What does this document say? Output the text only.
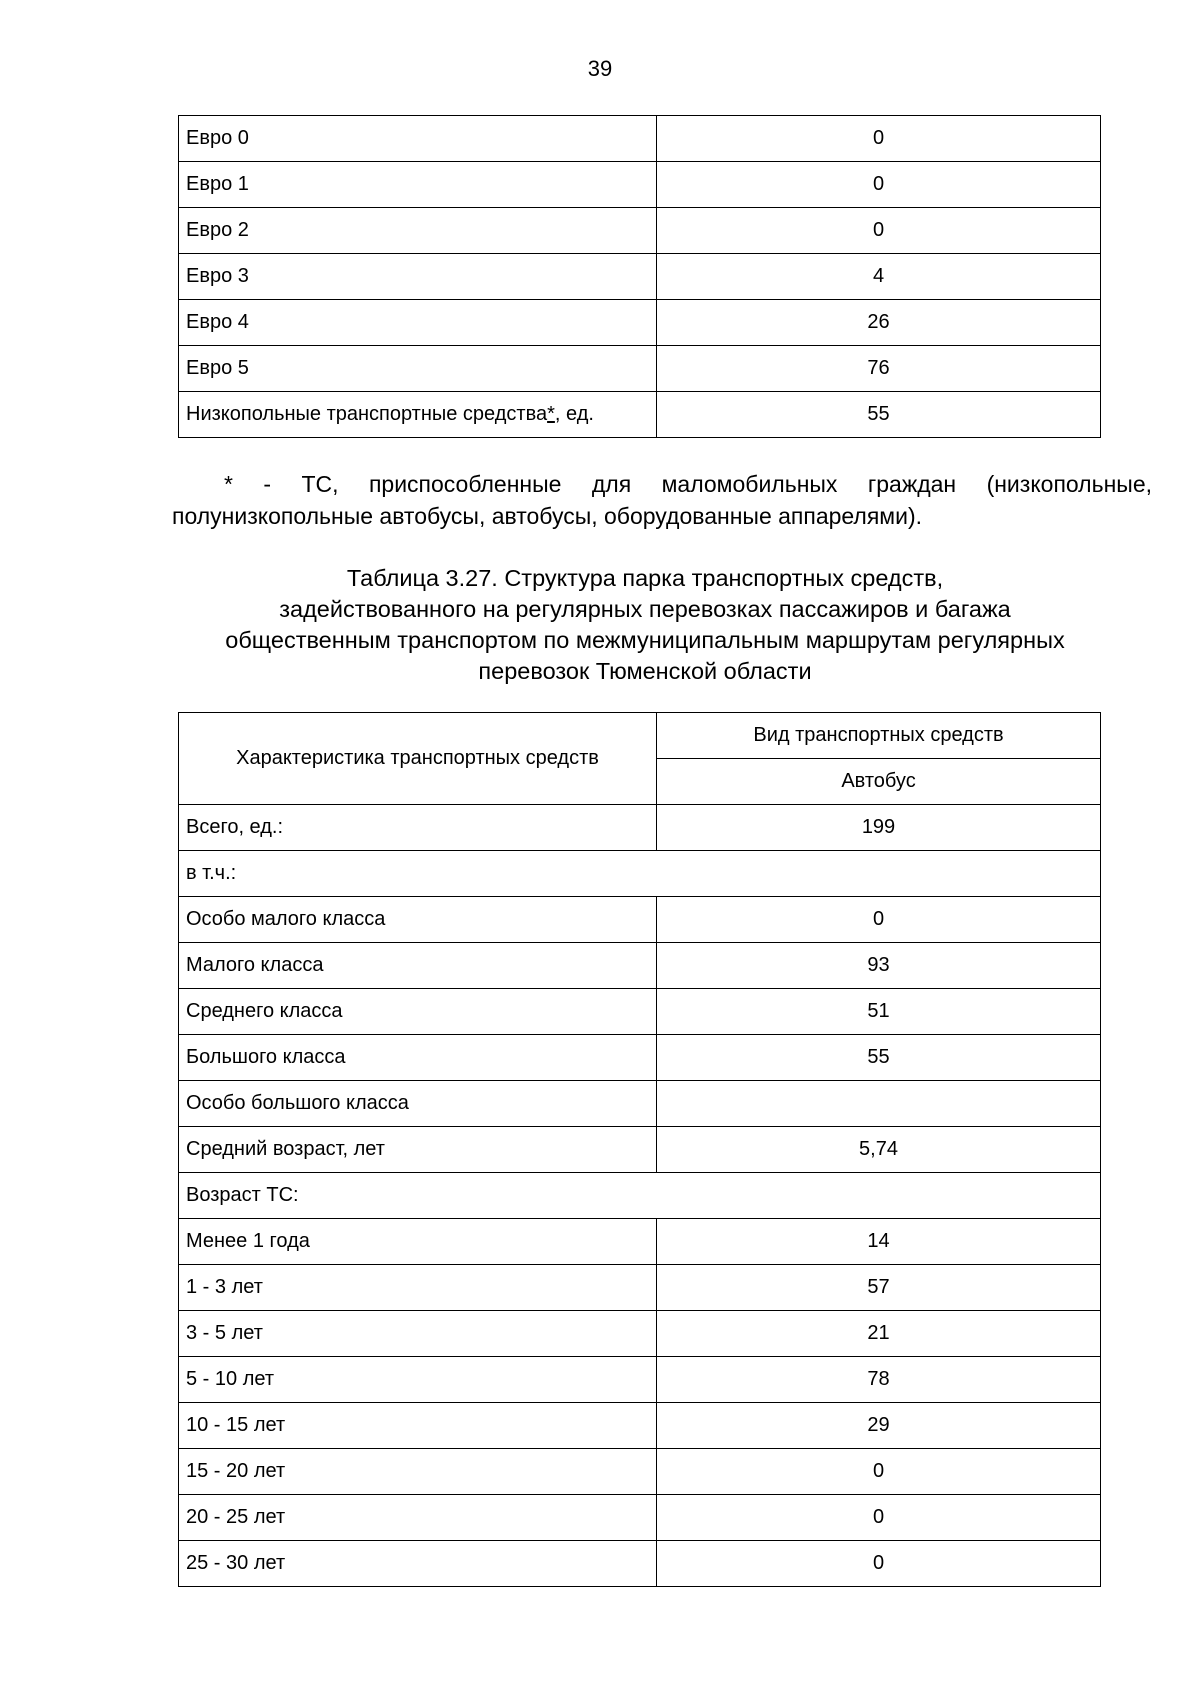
39
Евро 0	0
Евро 1	0
Евро 2	0
Евро 3	4
Евро 4	26
Евро 5	76
Низкопольные транспортные средства*, ед.	55
* - ТС, приспособленные для маломобильных граждан (низкопольные, полунизкопольные автобусы, автобусы, оборудованные аппарелями).
Таблица 3.27. Структура парка транспортных средств,
задействованного на регулярных перевозках пассажиров и багажа
общественным транспортом по межмуниципальным маршрутам регулярных
перевозок Тюменской области
Характеристика транспортных средств	Вид транспортных средств
	Автобус
Всего, ед.:	199
в т.ч.:	
Особо малого класса	0
Малого класса	93
Среднего класса	51
Большого класса	55
Особо большого класса	
Средний возраст, лет	5,74
Возраст ТС:	
Менее 1 года	14
1 - 3 лет	57
3 - 5 лет	21
5 - 10 лет	78
10 - 15 лет	29
15 - 20 лет	0
20 - 25 лет	0
25 - 30 лет	0
